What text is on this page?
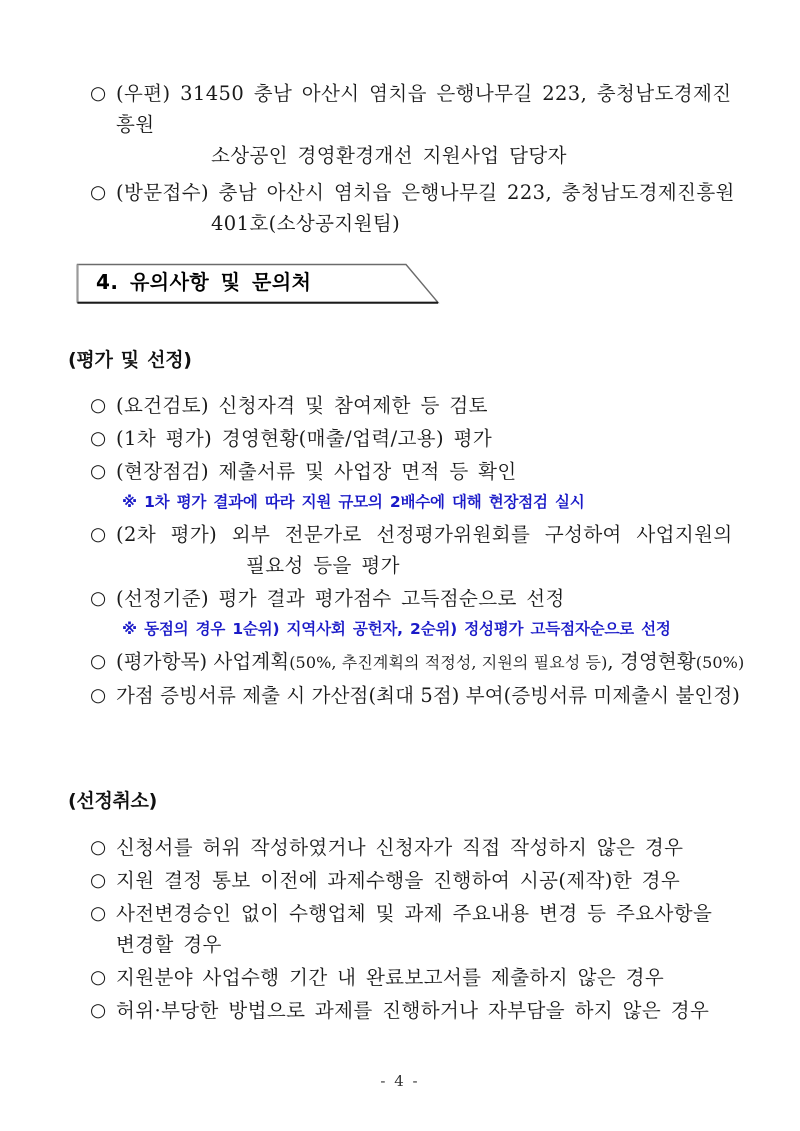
○ (우편) 31450 충남 아산시 염치읍 은행나무길 223, 충청남도경제진흥원
소상공인 경영환경개선 지원사업 담당자
○ (방문접수) 충남 아산시 염치읍 은행나무길 223, 충청남도경제진흥원
401호(소상공지원팀)
4. 유의사항 및 문의처
(평가 및 선정)
○ (요건검토) 신청자격 및 참여제한 등 검토
○ (1차 평가) 경영현황(매출/업력/고용) 평가
○ (현장점검) 제출서류 및 사업장 면적 등 확인
※ 1차 평가 결과에 따라 지원 규모의 2배수에 대해 현장점검 실시
○ (2차 평가) 외부 전문가로 선정평가위원회를 구성하여 사업지원의
필요성 등을 평가
○ (선정기준) 평가 결과 평가점수 고득점순으로 선정
※ 동점의 경우 1순위) 지역사회 공헌자, 2순위) 정성평가 고득점자순으로 선정
○ (평가항목) 사업계획(50%, 추진계획의 적정성, 지원의 필요성 등), 경영현황(50%)
○ 가점 증빙서류 제출 시 가산점(최대 5점) 부여(증빙서류 미제출시 불인정)
(선정취소)
○ 신청서를 허위 작성하였거나 신청자가 직접 작성하지 않은 경우
○ 지원 결정 통보 이전에 과제수행을 진행하여 시공(제작)한 경우
○ 사전변경승인 없이 수행업체 및 과제 주요내용 변경 등 주요사항을
변경할 경우
○ 지원분야 사업수행 기간 내 완료보고서를 제출하지 않은 경우
○ 허위·부당한 방법으로 과제를 진행하거나 자부담을 하지 않은 경우
- 4 -
